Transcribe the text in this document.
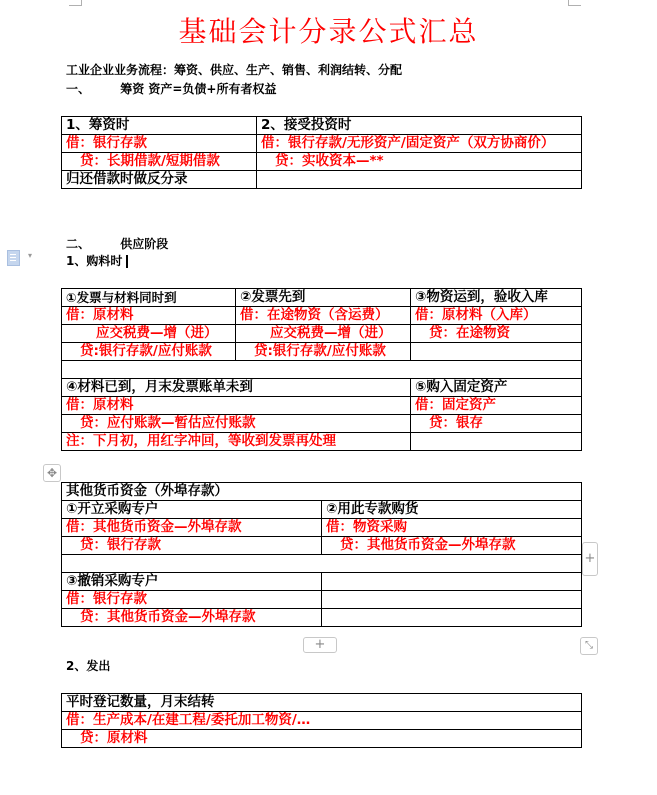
基础会计分录公式汇总
工业企业业务流程：筹资、供应、生产、销售、利润结转、分配
一、	筹资 资产=负债+所有者权益
1、筹资时	2、接受投资时
借：银行存款	借：银行存款/无形资产/固定资产（双方协商价）
贷：长期借款/短期借款	贷：实收资本—**
归还借款时做反分录	
▾
二、	供应阶段
1、购料时
①发票与材料同时到	②发票先到	③物资运到，验收入库
借：原材料	借：在途物资（含运费）	借：原材料（入库）
应交税费—增（进）	应交税费—增（进）	贷：在途物资
贷:银行存款/应付账款	贷:银行存款/应付账款	

④材料已到，月末发票账单未到		⑤购入固定资产
借：原材料		借：固定资产
贷：应付账款—暂估应付账款		贷：银存
注：下月初，用红字冲回，等收到发票再处理		
✥
其他货币资金（外埠存款）	
①开立采购专户	②用此专款购货
借：其他货币资金—外埠存款	借：物资采购
贷：银行存款	贷：其他货币资金—外埠存款

③撤销采购专户	
借：银行存款	
贷：其他货币资金—外埠存款	
+
+	⤡
2、发出
平时登记数量，月末结转
借：生产成本/在建工程/委托加工物资/…
贷：原材料
